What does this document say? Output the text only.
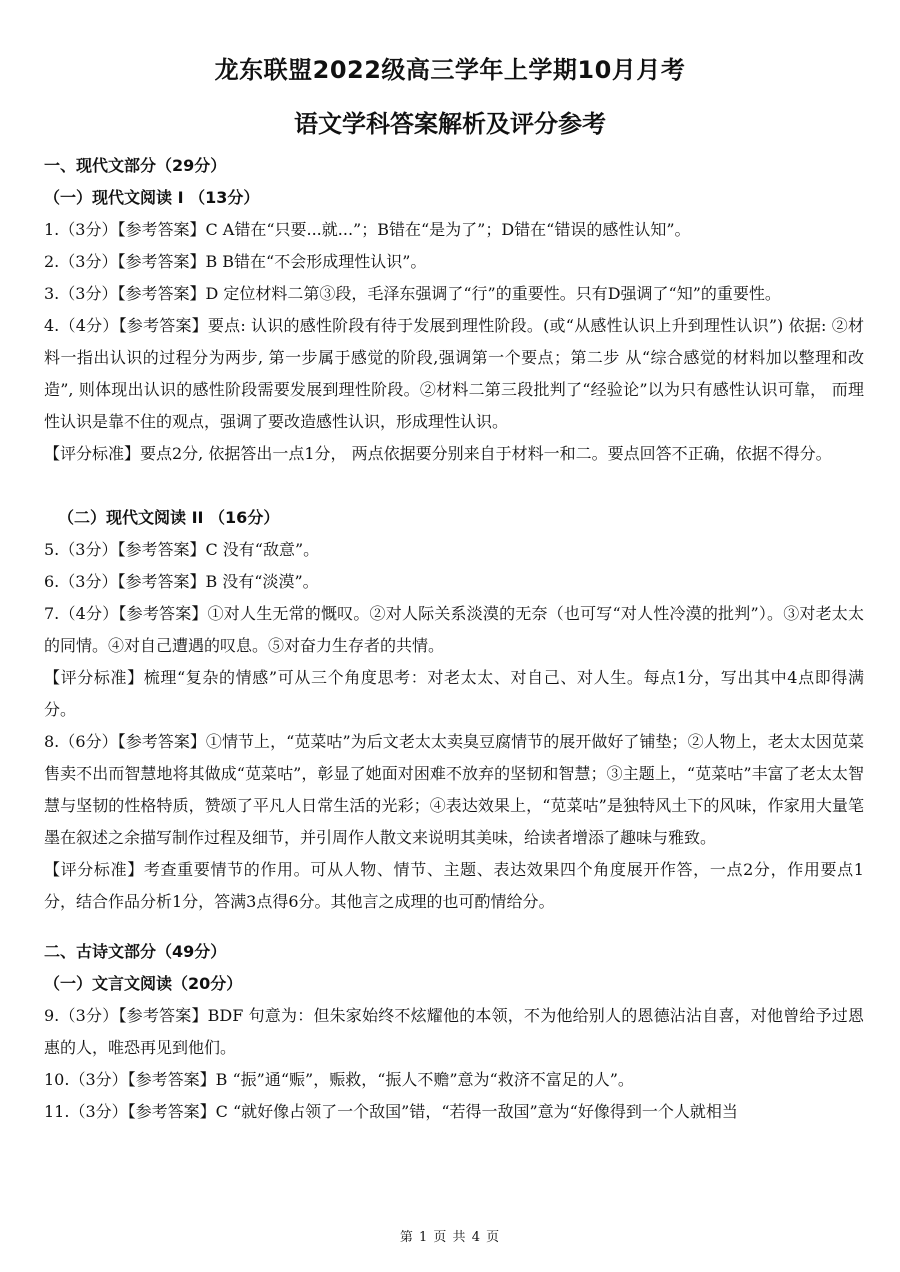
龙东联盟2022级高三学年上学期10月月考
语文学科答案解析及评分参考
一、现代文部分（29分）
（一）现代文阅读 I （13分）
1.（3分）【参考答案】C A错在“只要...就...”；B错在“是为了”；D错在“错误的感性认知”。
2.（3分）【参考答案】B B错在“不会形成理性认识”。
3.（3分）【参考答案】D 定位材料二第③段，毛泽东强调了“行”的重要性。只有D强调了“知”的重要性。
4.（4分）【参考答案】要点: 认识的感性阶段有待于发展到理性阶段。(或“从感性认识上升到理性认识”) 依据: ②材料一指出认识的过程分为两步, 第一步属于感觉的阶段,强调第一个要点；第二步 从“综合感觉的材料加以整理和改造”, 则体现出认识的感性阶段需要发展到理性阶段。②材料二第三段批判了“经验论”以为只有感性认识可靠， 而理性认识是靠不住的观点，强调了要改造感性认识，形成理性认识。
【评分标准】要点2分, 依据答出一点1分， 两点依据要分别来自于材料一和二。要点回答不正确，依据不得分。
（二）现代文阅读 II （16分）
5.（3分）【参考答案】C 没有“敌意”。
6.（3分）【参考答案】B 没有“淡漠”。
7.（4分）【参考答案】①对人生无常的慨叹。②对人际关系淡漠的无奈（也可写“对人性冷漠的批判”）。③对老太太的同情。④对自己遭遇的叹息。⑤对奋力生存者的共情。
【评分标准】梳理“复杂的情感”可从三个角度思考：对老太太、对自己、对人生。每点1分，写出其中4点即得满分。
8.（6分）【参考答案】①情节上，“苋菜咕”为后文老太太卖臭豆腐情节的展开做好了铺垫；②人物上，老太太因苋菜售卖不出而智慧地将其做成“苋菜咕”，彰显了她面对困难不放弃的坚韧和智慧；③主题上，“苋菜咕”丰富了老太太智慧与坚韧的性格特质，赞颂了平凡人日常生活的光彩；④表达效果上，“苋菜咕”是独特风土下的风味，作家用大量笔墨在叙述之余描写制作过程及细节，并引周作人散文来说明其美味，给读者增添了趣味与雅致。
【评分标准】考查重要情节的作用。可从人物、情节、主题、表达效果四个角度展开作答，一点2分，作用要点1分，结合作品分析1分，答满3点得6分。其他言之成理的也可酌情给分。
二、古诗文部分（49分）
（一）文言文阅读（20分）
9.（3分）【参考答案】BDF 句意为：但朱家始终不炫耀他的本领，不为他给别人的恩德沾沾自喜，对他曾给予过恩惠的人，唯恐再见到他们。
10.（3分）【参考答案】B “振”通“赈”，赈救，“振人不赡”意为“救济不富足的人”。
11.（3分）【参考答案】C “就好像占领了一个敌国”错，“若得一敌国”意为“好像得到一个人就相当
第 1 页 共 4 页
